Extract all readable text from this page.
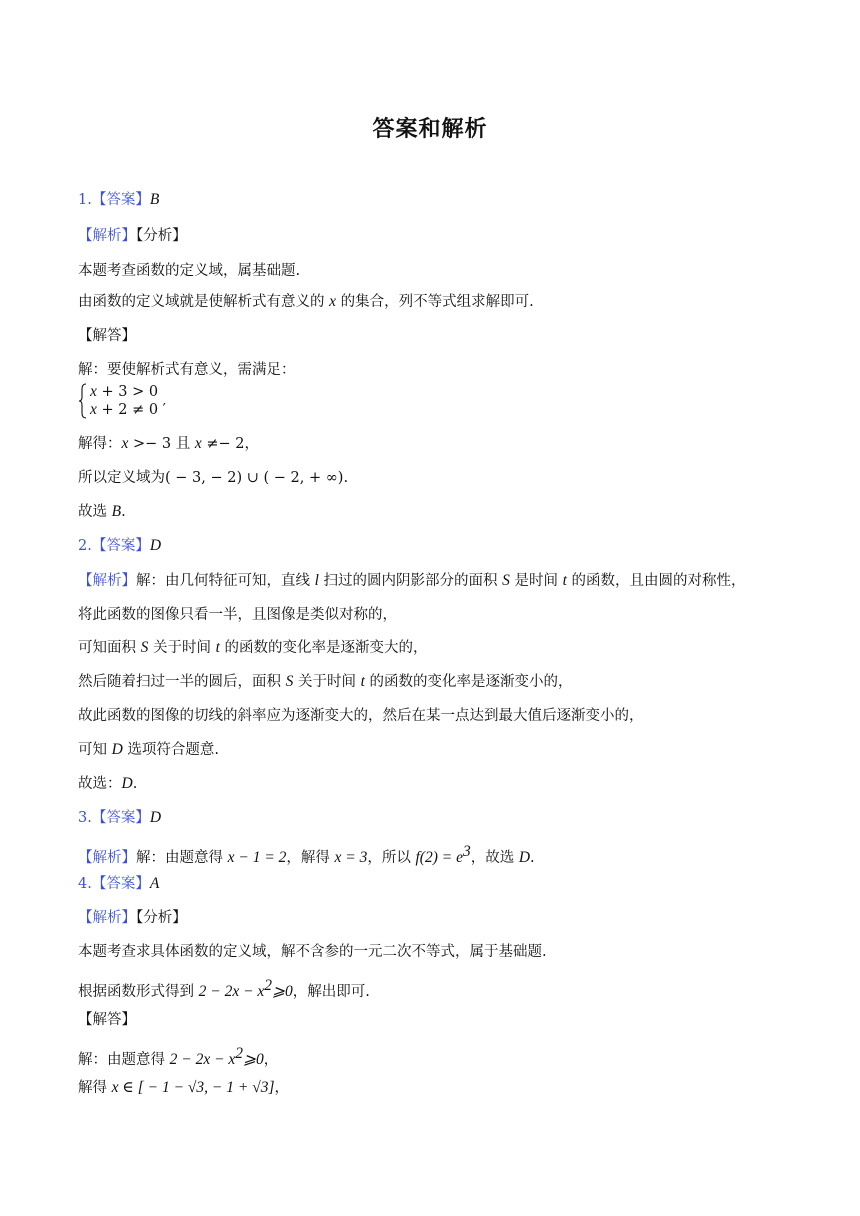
答案和解析
1.【答案】B
【解析】【分析】
本题考查函数的定义域，属基础题.
由函数的定义域就是使解析式有意义的 x 的集合，列不等式组求解即可.
【解答】
解：要使解析式有意义，需满足：
x + 3 > 0
x + 2 ≠ 0 ′
解得：x >− 3 且 x ≠− 2，
所以定义域为( − 3, − 2) ∪ ( − 2, + ∞).
故选 B.
2.【答案】D
【解析】解：由几何特征可知，直线 l 扫过的圆内阴影部分的面积 S 是时间 t 的函数，且由圆的对称性，
将此函数的图像只看一半，且图像是类似对称的，
可知面积 S 关于时间 t 的函数的变化率是逐渐变大的，
然后随着扫过一半的圆后，面积 S 关于时间 t 的函数的变化率是逐渐变小的，
故此函数的图像的切线的斜率应为逐渐变大的，然后在某一点达到最大值后逐渐变小的，
可知 D 选项符合题意.
故选：D.
3.【答案】D
【解析】解：由题意得 x − 1 = 2，解得 x = 3，所以 $f(2) = e^3$，故选 D.
4.【答案】A
【解析】【分析】
本题考查求具体函数的定义域，解不含参的一元二次不等式，属于基础题.
根据函数形式得到 $2 - 2x - x^2⩾0$，解出即可.
【解答】
解：由题意得 $2 - 2x - x^2⩾0$，
解得 x ∈ [ − 1 − √3, − 1 + √3]，
